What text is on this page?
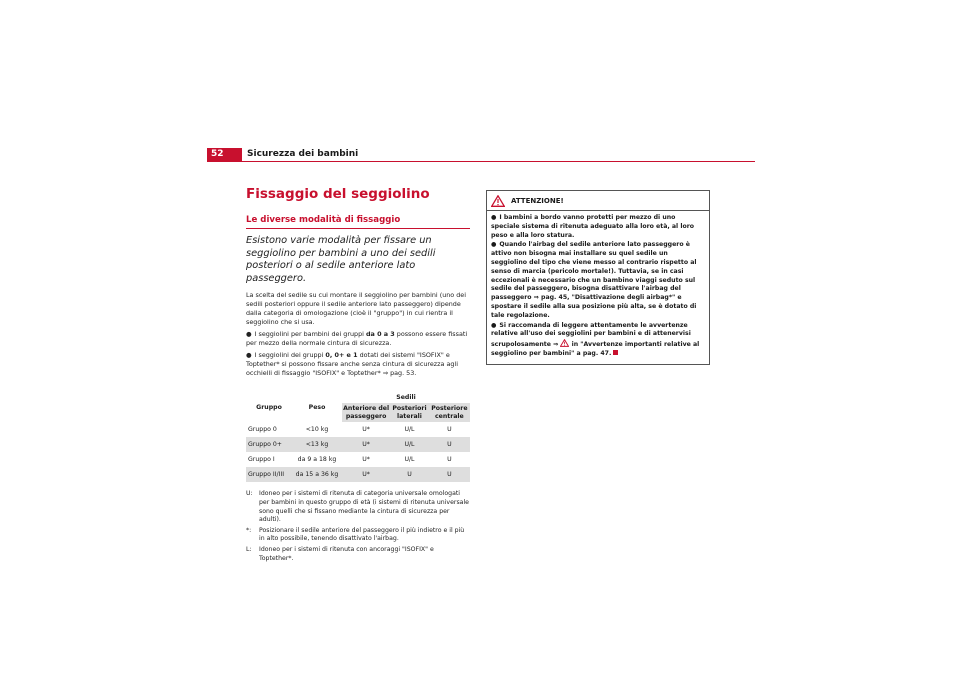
52	Sicurezza dei bambini
Fissaggio del seggiolino
Le diverse modalità di fissaggio
Esistono varie modalità per fissare un seggiolino per bambini a uno dei sedili posteriori o al sedile anteriore lato passeggero.
La scelta del sedile su cui montare il seggiolino per bambini (uno dei sedili posteriori oppure il sedile anteriore lato passeggero) dipende dalla categoria di omologazione (cioè il "gruppo") in cui rientra il seggiolino che si usa.
● I seggiolini per bambini dei gruppi da 0 a 3 possono essere fissati per mezzo della normale cintura di sicurezza.
● I seggiolini dei gruppi 0, 0+ e 1 dotati dei sistemi "ISOFIX" e Toptether* si possono fissare anche senza cintura di sicurezza agli occhielli di fissaggio "ISOFIX" e Toptether* ⇒ pag. 53.
Gruppo	Peso	Sedili		
		Anteriore del passeggero	Posteriori laterali	Posteriore centrale
Gruppo 0	<10 kg	U*	U/L	U
Gruppo 0+	<13 kg	U*	U/L	U
Gruppo I	da 9 a 18 kg	U*	U/L	U
Gruppo II/III	da 15 a 36 kg	U*	U	U
U:	Idoneo per i sistemi di ritenuta di categoria universale omologati per bambini in questo gruppo di età (i sistemi di ritenuta universale sono quelli che si fissano mediante la cintura di sicurezza per adulti).
*:	Posizionare il sedile anteriore del passeggero il più indietro e il più in alto possibile, tenendo disattivato l'airbag.
L:	Idoneo per i sistemi di ritenuta con ancoraggi "ISOFIX" e Toptether*.
ATTENZIONE!
● I bambini a bordo vanno protetti per mezzo di uno speciale sistema di ritenuta adeguato alla loro età, al loro peso e alla loro statura.
● Quando l'airbag del sedile anteriore lato passeggero è attivo non bisogna mai installare su quel sedile un seggiolino del tipo che viene messo al contrario rispetto al senso di marcia (pericolo mortale!). Tuttavia, se in casi eccezionali è necessario che un bambino viaggi seduto sul sedile del passeggero, bisogna disattivare l'airbag del passeggero ⇒ pag. 45, "Disattivazione degli airbag*" e spostare il sedile alla sua posizione più alta, se è dotato di tale regolazione.
● Si raccomanda di leggere attentamente le avvertenze relative all'uso dei seggiolini per bambini e di attenervisi scrupolosamente ⇒  in "Avvertenze importanti relative al seggiolino per bambini" a pag. 47.
